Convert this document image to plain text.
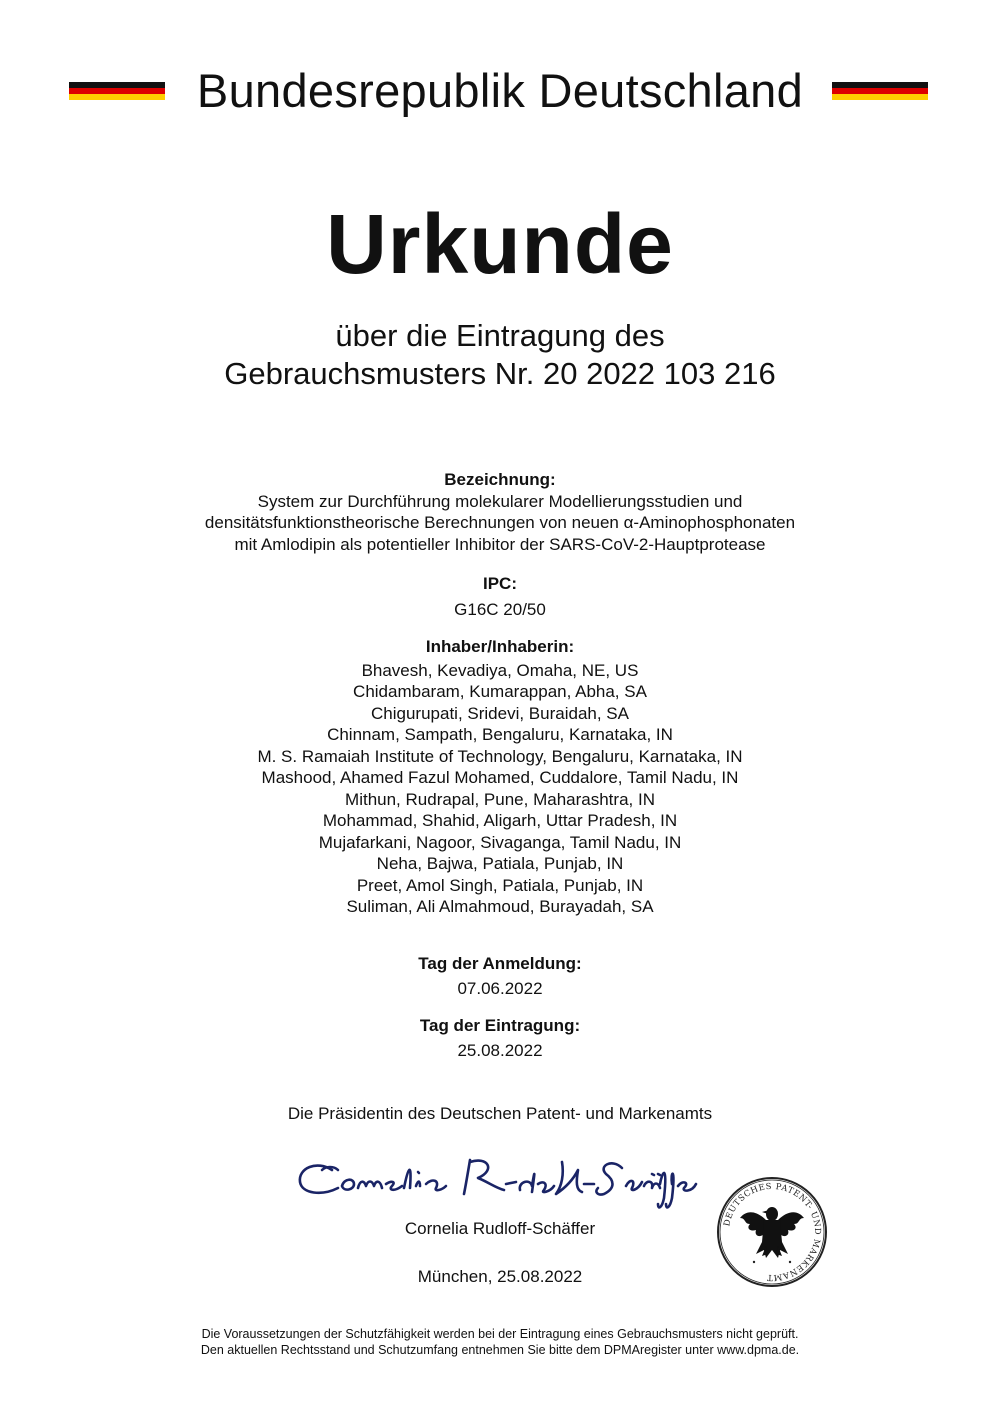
Bundesrepublik Deutschland
Urkunde
über die Eintragung des
Gebrauchsmusters Nr. 20 2022 103 216
Bezeichnung:
System zur Durchführung molekularer Modellierungsstudien und
densitätsfunktionstheorische Berechnungen von neuen α-Aminophosphonaten
mit Amlodipin als potentieller Inhibitor der SARS-CoV-2-Hauptprotease
IPC:
G16C 20/50
Inhaber/Inhaberin:
Bhavesh, Kevadiya, Omaha, NE, US
Chidambaram, Kumarappan, Abha, SA
Chigurupati, Sridevi, Buraidah, SA
Chinnam, Sampath, Bengaluru, Karnataka, IN
M. S. Ramaiah Institute of Technology, Bengaluru, Karnataka, IN
Mashood, Ahamed Fazul Mohamed, Cuddalore, Tamil Nadu, IN
Mithun, Rudrapal, Pune, Maharashtra, IN
Mohammad, Shahid, Aligarh, Uttar Pradesh, IN
Mujafarkani, Nagoor, Sivaganga, Tamil Nadu, IN
Neha, Bajwa, Patiala, Punjab, IN
Preet, Amol Singh, Patiala, Punjab, IN
Suliman, Ali Almahmoud, Burayadah, SA
Tag der Anmeldung:
07.06.2022
Tag der Eintragung:
25.08.2022
Die Präsidentin des Deutschen Patent- und Markenamts
Cornelia Rudloff-Schäffer
München, 25.08.2022
DEUTSCHES PATENT- UND MARKENAMT
Die Voraussetzungen der Schutzfähigkeit werden bei der Eintragung eines Gebrauchsmusters nicht geprüft.
Den aktuellen Rechtsstand und Schutzumfang entnehmen Sie bitte dem DPMAregister unter www.dpma.de.
